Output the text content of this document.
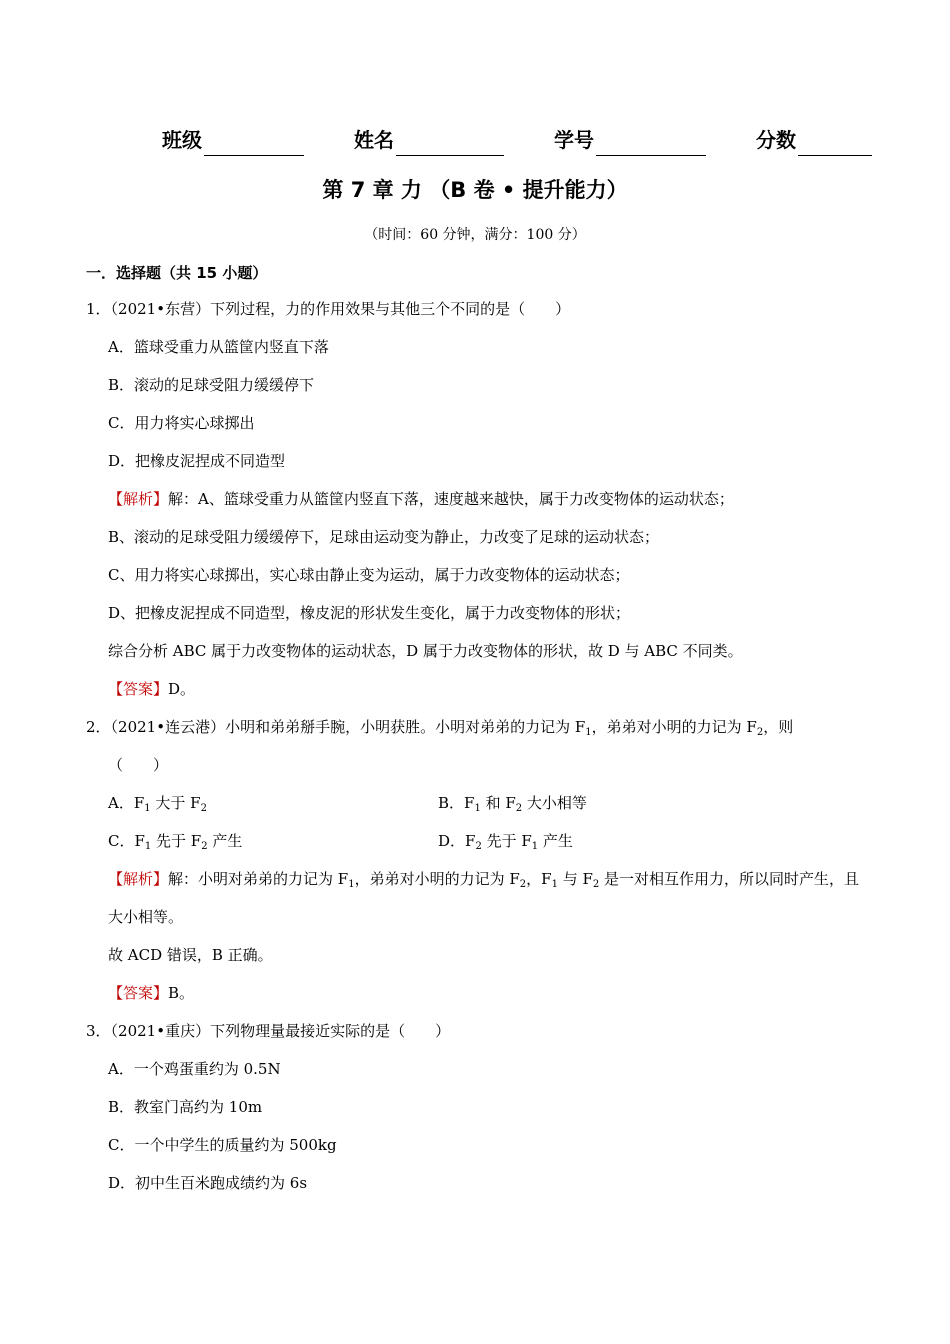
班级	姓名	学号	分数
第 7 章 力 （B 卷 • 提升能力）
（时间：60 分钟，满分：100 分）
一．选择题（共 15 小题）
1．（2021•东营）下列过程，力的作用效果与其他三个不同的是（　　）
A．篮球受重力从篮筐内竖直下落
B．滚动的足球受阻力缓缓停下
C．用力将实心球掷出
D．把橡皮泥捏成不同造型
【解析】解：A、篮球受重力从篮筐内竖直下落，速度越来越快，属于力改变物体的运动状态；
B、滚动的足球受阻力缓缓停下，足球由运动变为静止，力改变了足球的运动状态；
C、用力将实心球掷出，实心球由静止变为运动，属于力改变物体的运动状态；
D、把橡皮泥捏成不同造型，橡皮泥的形状发生变化，属于力改变物体的形状；
综合分析 ABC 属于力改变物体的运动状态，D 属于力改变物体的形状，故 D 与 ABC 不同类。
【答案】D。
2．（2021•连云港）小明和弟弟掰手腕，小明获胜。小明对弟弟的力记为 $F_1$，弟弟对小明的力记为 $F_2$，则
（　　）
A．$F_1$ 大于 $F_2$	B．$F_1$ 和 $F_2$ 大小相等
C．$F_1$ 先于 $F_2$ 产生	D．$F_2$ 先于 $F_1$ 产生
【解析】解：小明对弟弟的力记为 $F_1$，弟弟对小明的力记为 $F_2$，$F_1$ 与 $F_2$ 是一对相互作用力，所以同时产生，且大小相等。
故 ACD 错误，B 正确。
【答案】B。
3．（2021•重庆）下列物理量最接近实际的是（　　）
A．一个鸡蛋重约为 0.5N
B．教室门高约为 10m
C．一个中学生的质量约为 500kg
D．初中生百米跑成绩约为 6s
